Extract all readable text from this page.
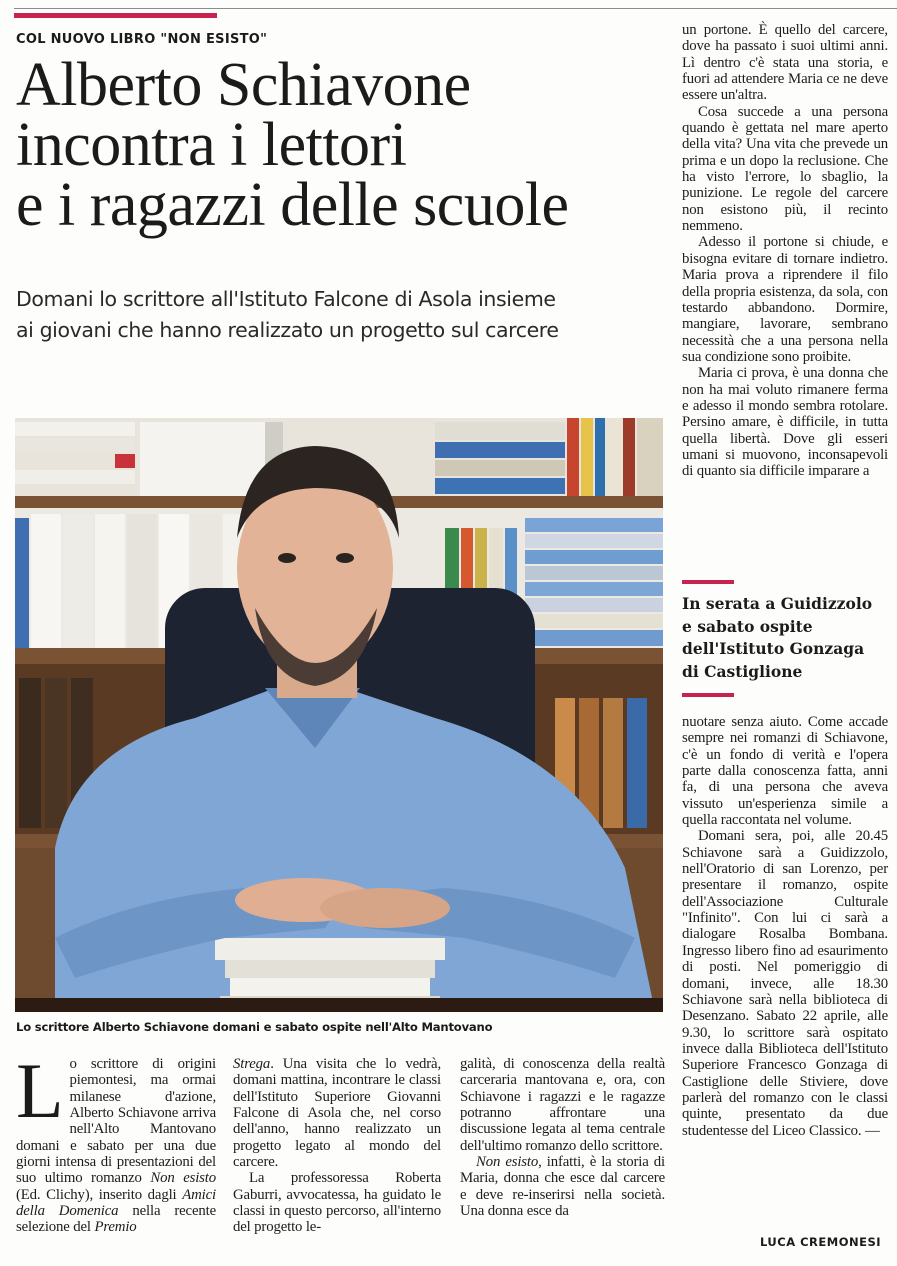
COL NUOVO LIBRO "NON ESISTO"
Alberto Schiavone
incontra i lettori
e i ragazzi delle scuole
Domani lo scrittore all'Istituto Falcone di Asola insieme
ai giovani che hanno realizzato un progetto sul carcere
Lo scrittore Alberto Schiavone domani e sabato ospite nell'Alto Mantovano

Lo scrittore di origini piemontesi, ma ormai milanese d'azione, Alberto Schiavone arriva nell'Alto Mantovano domani e sabato per una due giorni intensa di presentazioni del suo ultimo romanzo Non esisto (Ed. Clichy), inserito dagli Amici della Domenica nella recente selezione del Premio

Strega. Una visita che lo vedrà, domani mattina, incontrare le classi dell'Istituto Superiore Giovanni Falcone di Asola che, nel corso dell'anno, hanno realizzato un progetto legato al mondo del carcere.

La professoressa Roberta Gaburri, avvocatessa, ha guidato le classi in questo percorso, all'interno del progetto le-

galità, di conoscenza della realtà carceraria mantovana e, ora, con Schiavone i ragazzi e le ragazze potranno affrontare una discussione legata al tema centrale dell'ultimo romanzo dello scrittore.

Non esisto, infatti, è la storia di Maria, donna che esce dal carcere e deve re-inserirsi nella società. Una donna esce da

un portone. È quello del carcere, dove ha passato i suoi ultimi anni. Lì dentro c'è stata una storia, e fuori ad attendere Maria ce ne deve essere un'altra.

Cosa succede a una persona quando è gettata nel mare aperto della vita? Una vita che prevede un prima e un dopo la reclusione. Che ha visto l'errore, lo sbaglio, la punizione. Le regole del carcere non esistono più, il recinto nemmeno.

Adesso il portone si chiude, e bisogna evitare di tornare indietro. Maria prova a riprendere il filo della propria esistenza, da sola, con testardo abbandono. Dormire, mangiare, lavorare, sembrano necessità che a una persona nella sua condizione sono proibite.

Maria ci prova, è una donna che non ha mai voluto rimanere ferma e adesso il mondo sembra rotolare. Persino amare, è difficile, in tutta quella libertà. Dove gli esseri umani si muovono, inconsapevoli di quanto sia difficile imparare a

In serata a Guidizzolo
e sabato ospite
dell'Istituto Gonzaga
di Castiglione

nuotare senza aiuto. Come accade sempre nei romanzi di Schiavone, c'è un fondo di verità e l'opera parte dalla conoscenza fatta, anni fa, di una persona che aveva vissuto un'esperienza simile a quella raccontata nel volume.

Domani sera, poi, alle 20.45 Schiavone sarà a Guidizzolo, nell'Oratorio di san Lorenzo, per presentare il romanzo, ospite dell'Associazione Culturale "Infinito". Con lui ci sarà a dialogare Rosalba Bombana. Ingresso libero fino ad esaurimento di posti. Nel pomeriggio di domani, invece, alle 18.30 Schiavone sarà nella biblioteca di Desenzano. Sabato 22 aprile, alle 9.30, lo scrittore sarà ospitato invece dalla Biblioteca dell'Istituto Superiore Francesco Gonzaga di Castiglione delle Stiviere, dove parlerà del romanzo con le classi quinte, presentato da due studentesse del Liceo Classico. —

LUCA CREMONESI
